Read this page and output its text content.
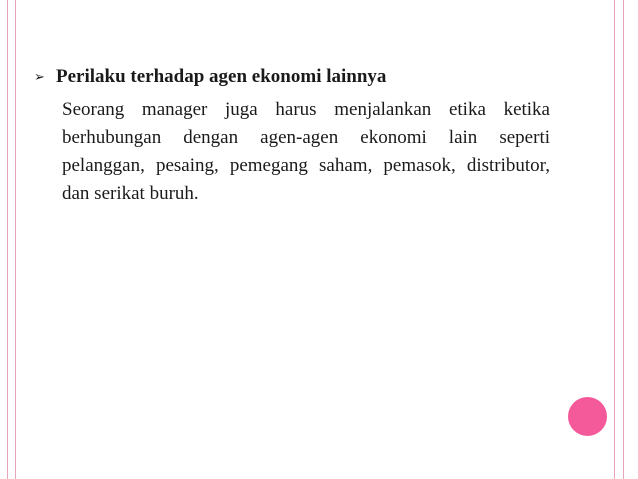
➢ Perilaku terhadap agen ekonomi lainnya
Seorang manager juga harus menjalankan etika ketika berhubungan dengan agen-agen ekonomi lain seperti pelanggan, pesaing, pemegang saham, pemasok, distributor, dan serikat buruh.
